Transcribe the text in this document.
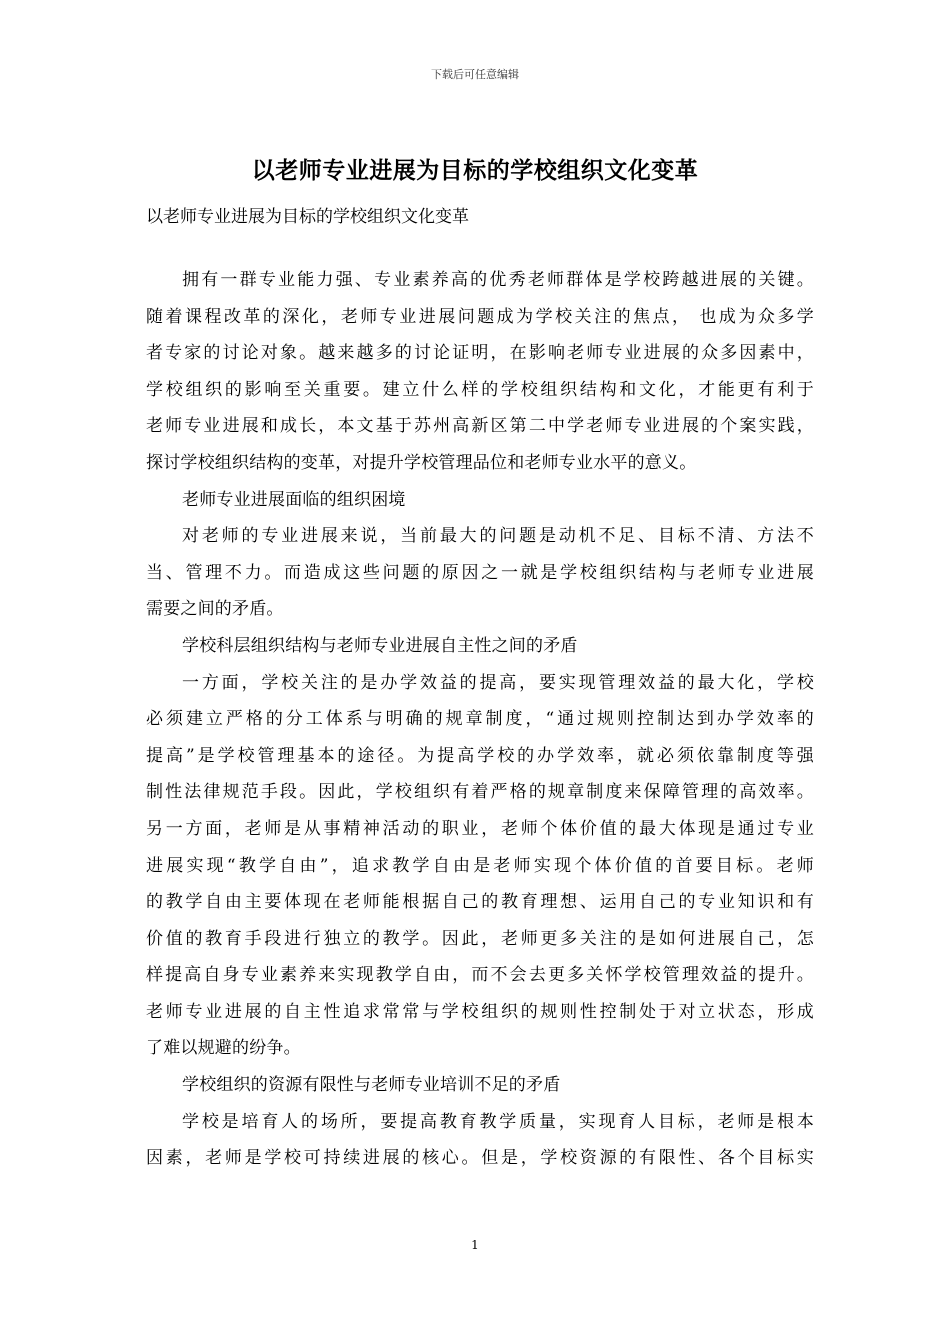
下载后可任意编辑
以老师专业进展为目标的学校组织文化变革
以老师专业进展为目标的学校组织文化变革
拥有一群专业能力强、专业素养高的优秀老师群体是学校跨越进展的关键。
随着课程改革的深化，老师专业进展问题成为学校关注的焦点， 也成为众多学
者专家的讨论对象。越来越多的讨论证明，在影响老师专业进展的众多因素中，
学校组织的影响至关重要。建立什么样的学校组织结构和文化，才能更有利于
老师专业进展和成长，本文基于苏州高新区第二中学老师专业进展的个案实践，
探讨学校组织结构的变革，对提升学校管理品位和老师专业水平的意义。
老师专业进展面临的组织困境
对老师的专业进展来说，当前最大的问题是动机不足、目标不清、方法不
当、管理不力。而造成这些问题的原因之一就是学校组织结构与老师专业进展
需要之间的矛盾。
学校科层组织结构与老师专业进展自主性之间的矛盾
一方面，学校关注的是办学效益的提高，要实现管理效益的最大化，学校
必须建立严格的分工体系与明确的规章制度，“通过规则控制达到办学效率的
提高”是学校管理基本的途径。为提高学校的办学效率，就必须依靠制度等强
制性法律规范手段。因此，学校组织有着严格的规章制度来保障管理的高效率。
另一方面，老师是从事精神活动的职业，老师个体价值的最大体现是通过专业
进展实现“教学自由”，追求教学自由是老师实现个体价值的首要目标。老师
的教学自由主要体现在老师能根据自己的教育理想、运用自己的专业知识和有
价值的教育手段进行独立的教学。因此，老师更多关注的是如何进展自己，怎
样提高自身专业素养来实现教学自由，而不会去更多关怀学校管理效益的提升。
老师专业进展的自主性追求常常与学校组织的规则性控制处于对立状态，形成
了难以规避的纷争。
学校组织的资源有限性与老师专业培训不足的矛盾
学校是培育人的场所，要提高教育教学质量，实现育人目标，老师是根本
因素，老师是学校可持续进展的核心。但是，学校资源的有限性、各个目标实
1
